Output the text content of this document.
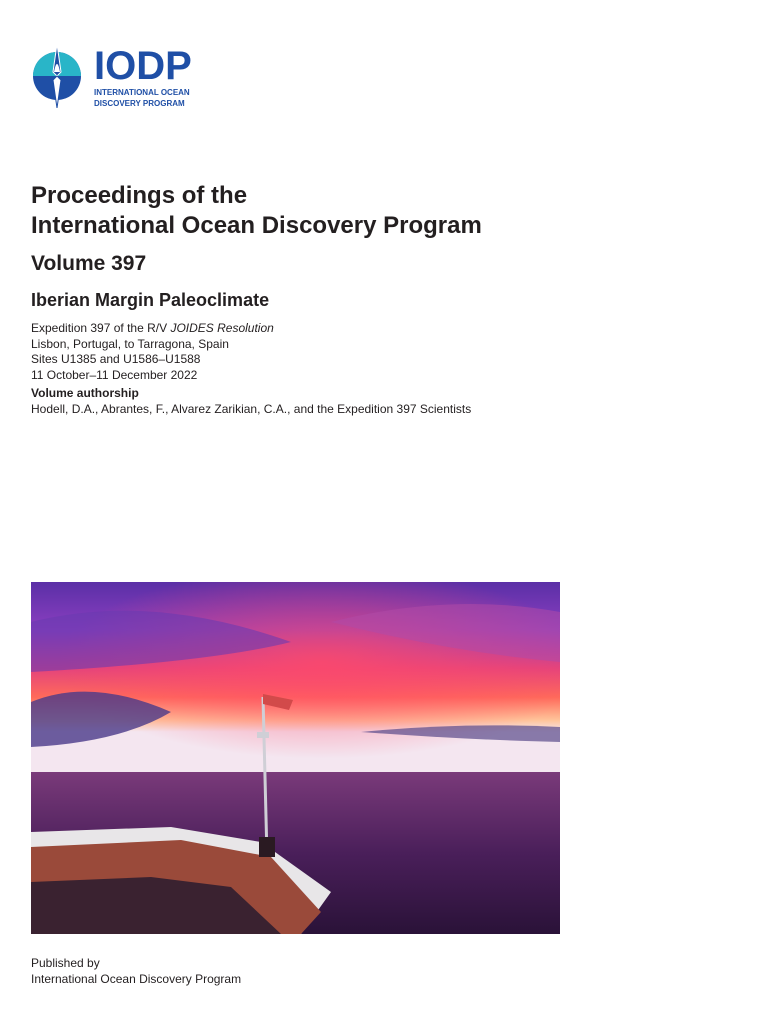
IODP
INTERNATIONAL OCEAN
DISCOVERY PROGRAM
Proceedings of the
International Ocean Discovery Program
Volume 397
Iberian Margin Paleoclimate
Expedition 397 of the R/V JOIDES Resolution
Lisbon, Portugal, to Tarragona, Spain
Sites U1385 and U1586–U1588
11 October–11 December 2022
Volume authorship
Hodell, D.A., Abrantes, F., Alvarez Zarikian, C.A., and the Expedition 397 Scientists
Published by
International Ocean Discovery Program
